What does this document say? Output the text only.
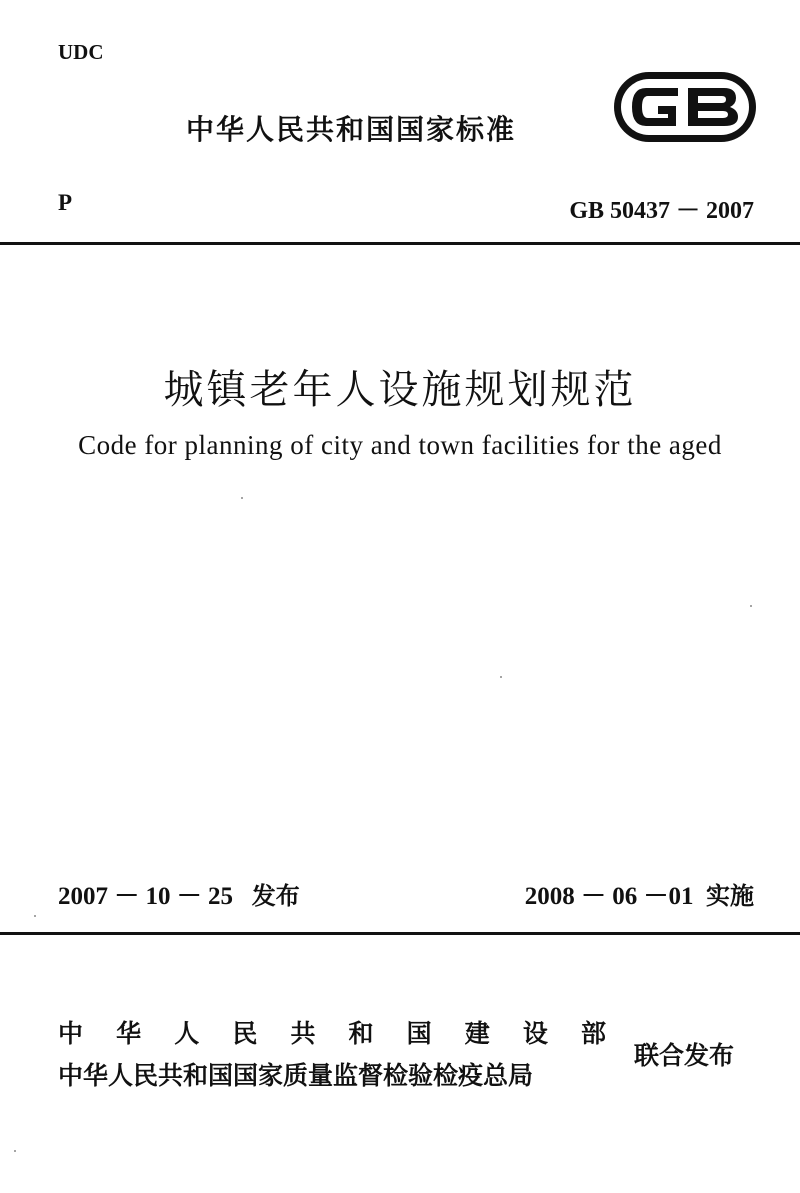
UDC
中华人民共和国国家标准
P	GB 50437 － 2007
城镇老年人设施规划规范
Code for planning of city and town facilities for the aged
2007 － 10 － 25 发布	2008 － 06 －01 实施
中华人民共和国建设部
中华人民共和国国家质量监督检验检疫总局
联合发布
